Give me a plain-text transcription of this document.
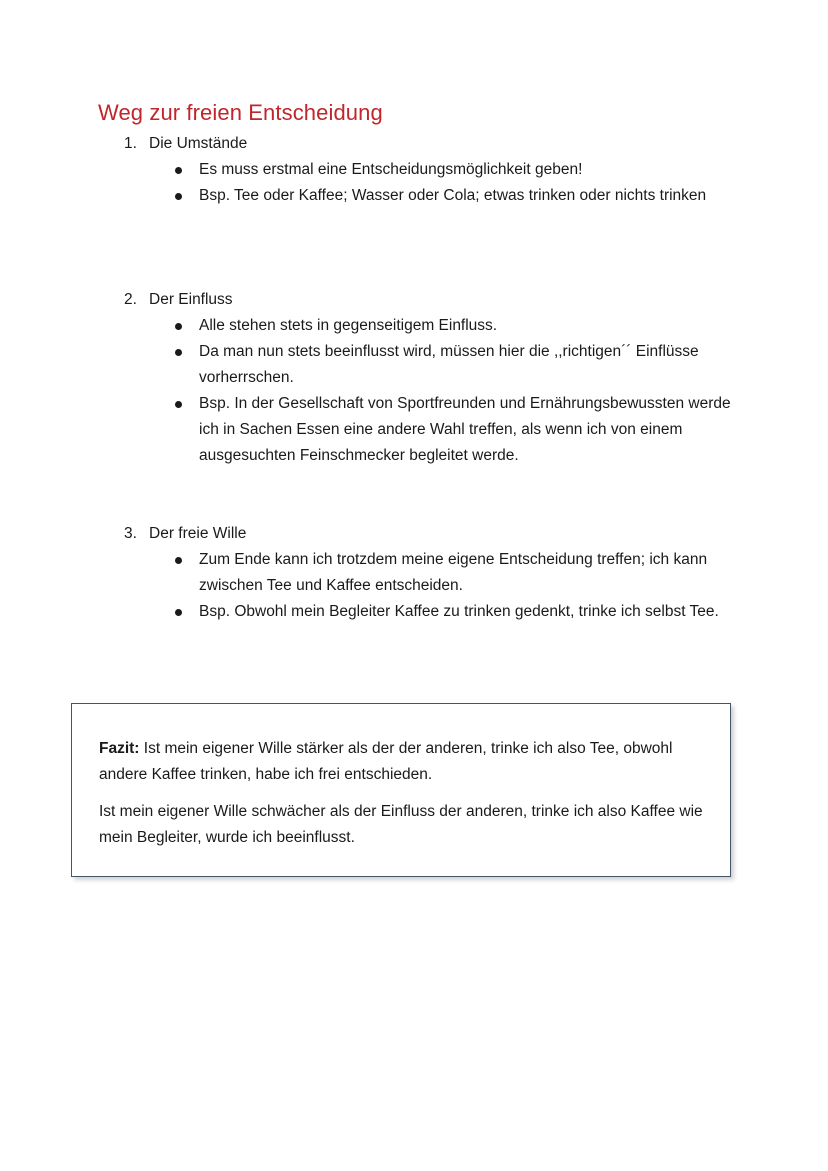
Weg zur freien Entscheidung
1. Die Umstände
Es muss erstmal eine Entscheidungsmöglichkeit geben!
Bsp. Tee oder Kaffee; Wasser oder Cola; etwas trinken oder nichts trinken
2. Der Einfluss
Alle stehen stets in gegenseitigem Einfluss.
Da man nun stets beeinflusst wird, müssen hier die ,,richtigen´´ Einflüsse vorherrschen.
Bsp. In der Gesellschaft von Sportfreunden und Ernährungsbewussten werde ich in Sachen Essen eine andere Wahl treffen, als wenn ich von einem ausgesuchten Feinschmecker begleitet werde.
3. Der freie Wille
Zum Ende kann ich trotzdem meine eigene Entscheidung treffen; ich kann zwischen Tee und Kaffee entscheiden.
Bsp. Obwohl mein Begleiter Kaffee zu trinken gedenkt, trinke ich selbst Tee.

Fazit: Ist mein eigener Wille stärker als der der anderen, trinke ich also Tee, obwohl andere Kaffee trinken, habe ich frei entschieden.

Ist mein eigener Wille schwächer als der Einfluss der anderen, trinke ich also Kaffee wie mein Begleiter, wurde ich beeinflusst.
